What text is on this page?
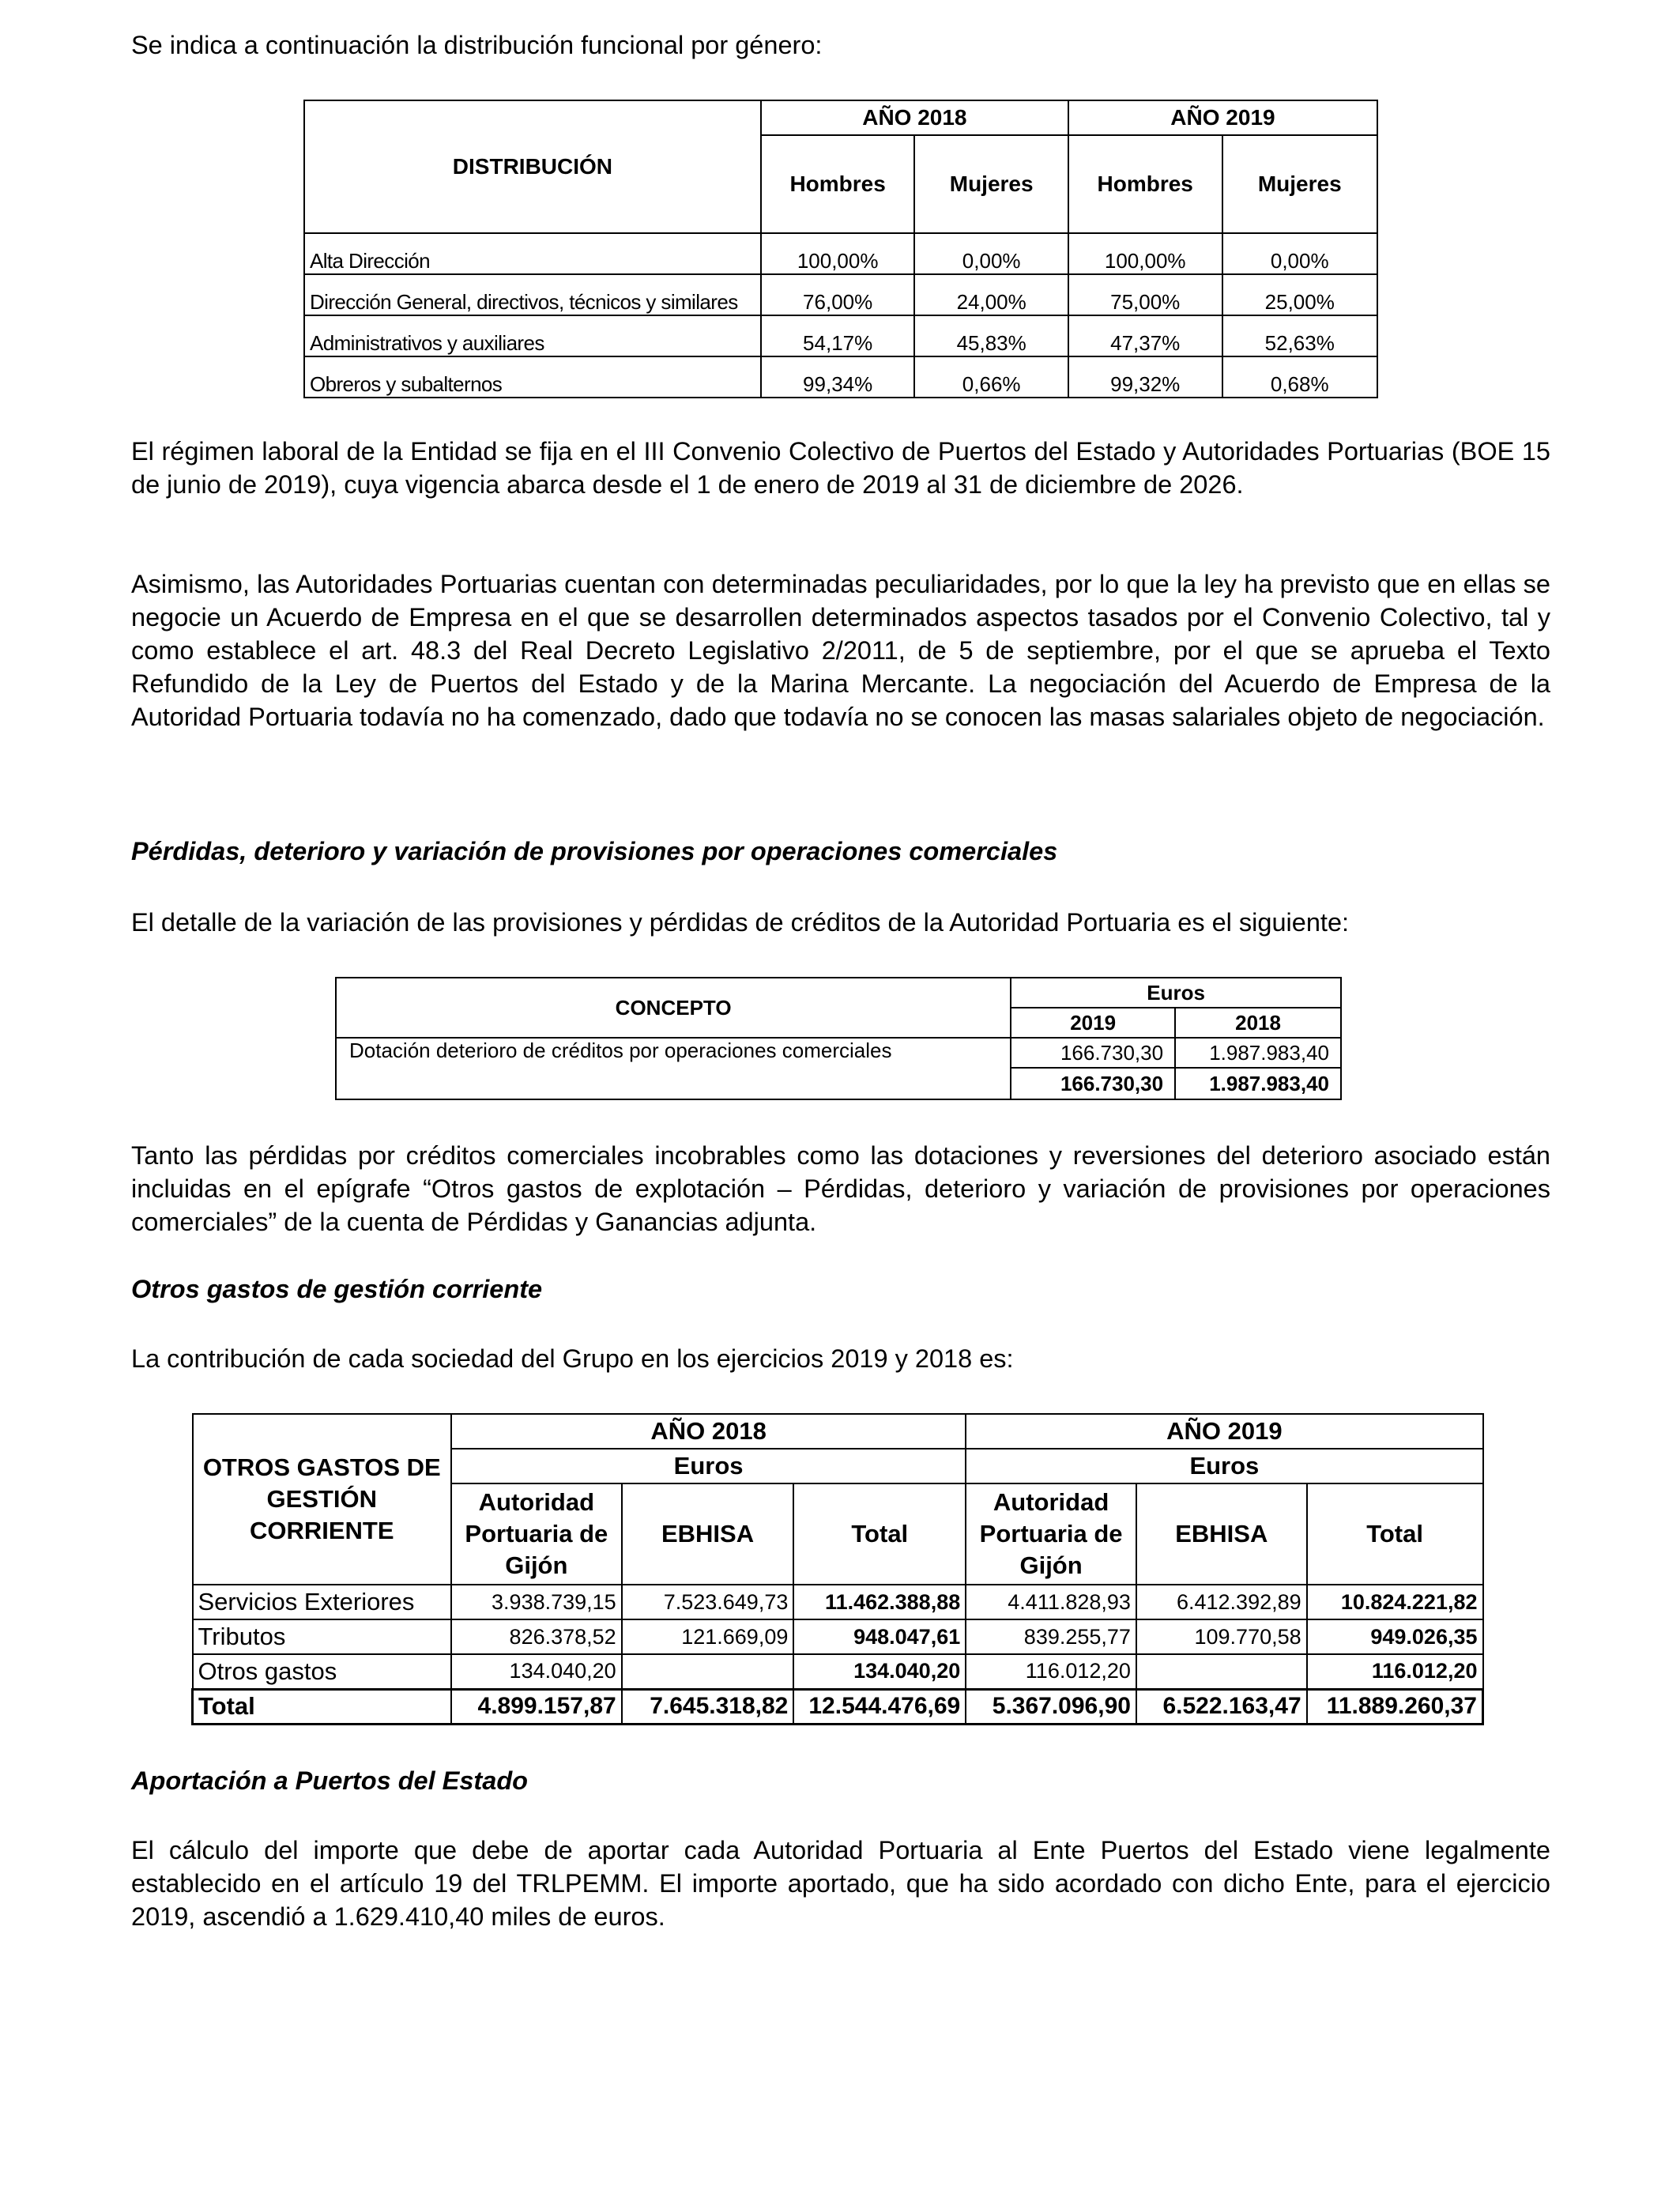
Se indica a continuación la distribución funcional por género:

DISTRIBUCIÓN	AÑO 2018		AÑO 2019	
	Hombres	Mujeres	Hombres	Mujeres
Alta Dirección	100,00%	0,00%	100,00%	0,00%
Dirección General, directivos, técnicos y similares	76,00%	24,00%	75,00%	25,00%
Administrativos y auxiliares	54,17%	45,83%	47,37%	52,63%
Obreros y subalternos	99,34%	0,66%	99,32%	0,68%

El régimen laboral de la Entidad se fija en el III Convenio Colectivo de Puertos del Estado y Autoridades Portuarias (BOE 15 de junio de 2019), cuya vigencia abarca desde el 1 de enero de 2019 al 31 de diciembre de 2026.

Asimismo, las Autoridades Portuarias cuentan con determinadas peculiaridades, por lo que la ley ha previsto que en ellas se negocie un Acuerdo de Empresa en el que se desarrollen determinados aspectos tasados por el Convenio Colectivo, tal y como establece el art. 48.3 del Real Decreto Legislativo 2/2011, de 5 de septiembre, por el que se aprueba el Texto Refundido de la Ley de Puertos del Estado y de la Marina Mercante. La negociación del Acuerdo de Empresa de la Autoridad Portuaria todavía no ha comenzado, dado que todavía no se conocen las masas salariales objeto de negociación.

Pérdidas, deterioro y variación de provisiones por operaciones comerciales

El detalle de la variación de las provisiones y pérdidas de créditos de la Autoridad Portuaria es el siguiente:

CONCEPTO	Euros	
	2019	2018
Dotación deterioro de créditos por operaciones comerciales	166.730,30	1.987.983,40
	166.730,30	1.987.983,40

Tanto las pérdidas por créditos comerciales incobrables como las dotaciones y reversiones del deterioro asociado están incluidas en el epígrafe “Otros gastos de explotación – Pérdidas, deterioro y variación de provisiones por operaciones comerciales” de la cuenta de Pérdidas y Ganancias adjunta.

Otros gastos de gestión corriente

La contribución de cada sociedad del Grupo en los ejercicios 2019 y 2018 es:

OTROS GASTOS DE GESTIÓN CORRIENTE	AÑO 2018			AÑO 2019		
	Euros			Euros		
	Autoridad Portuaria de Gijón	EBHISA	Total	Autoridad Portuaria de Gijón	EBHISA	Total
Servicios Exteriores	3.938.739,15	7.523.649,73	11.462.388,88	4.411.828,93	6.412.392,89	10.824.221,82
Tributos	826.378,52	121.669,09	948.047,61	839.255,77	109.770,58	949.026,35
Otros gastos	134.040,20		134.040,20	116.012,20		116.012,20
Total	4.899.157,87	7.645.318,82	12.544.476,69	5.367.096,90	6.522.163,47	11.889.260,37

Aportación a Puertos del Estado

El cálculo del importe que debe de aportar cada Autoridad Portuaria al Ente Puertos del Estado viene legalmente establecido en el artículo 19 del TRLPEMM. El importe aportado, que ha sido acordado con dicho Ente, para el ejercicio 2019, ascendió a 1.629.410,40 miles de euros.
